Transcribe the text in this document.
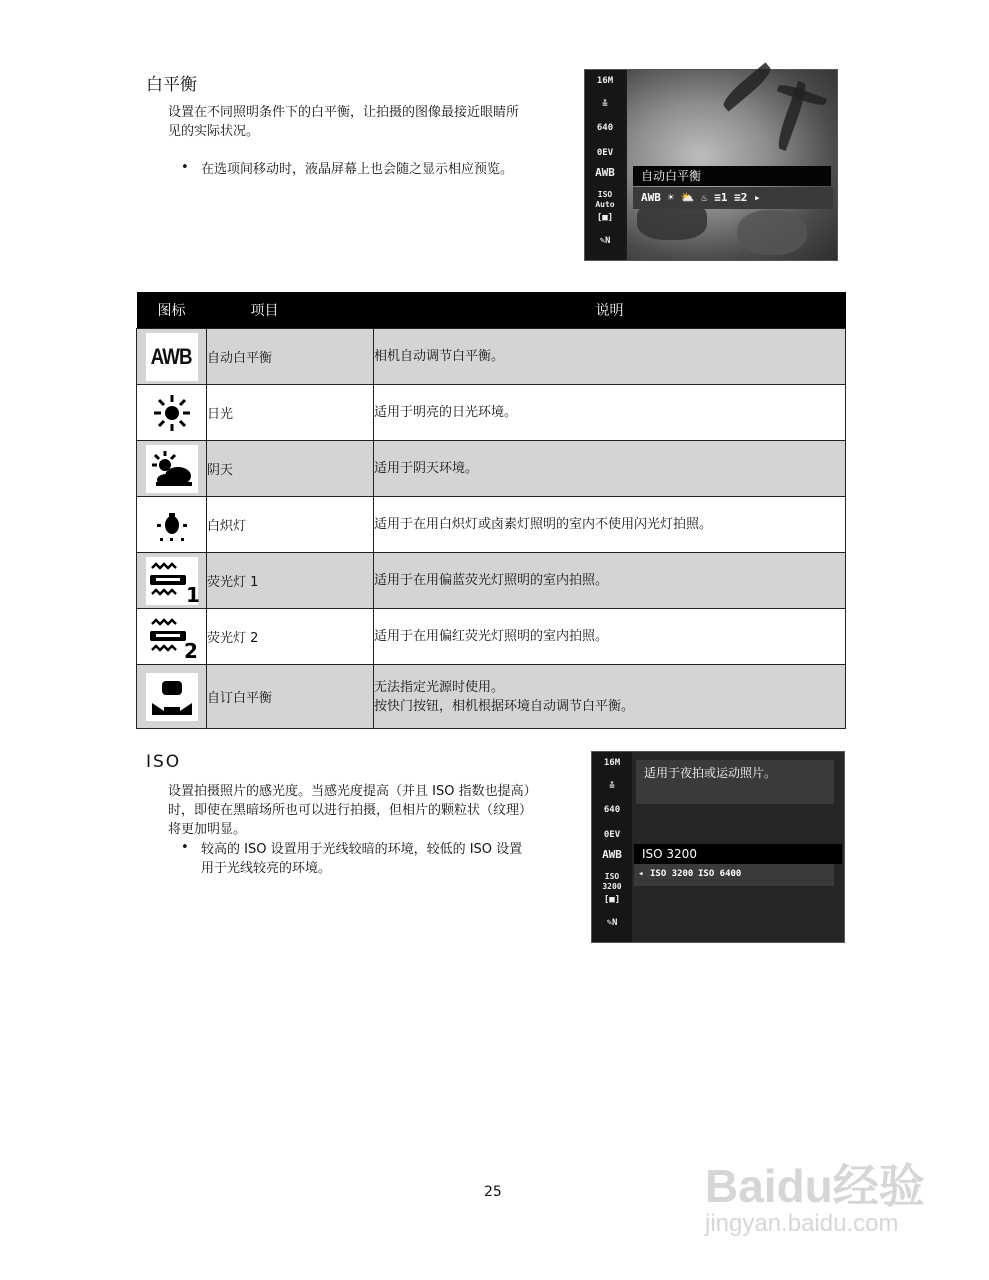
白平衡
设置在不同照明条件下的白平衡，让拍摄的图像最接近眼睛所
见的实际状况。
• 在选项间移动时，液晶屏幕上也会随之显示相应预览。
16M
≛
640
0EV
AWB
ISO Auto
[■]
✎N
自动白平衡
AWB ☀ ⛅ ♨ ≡1 ≡2 ▸
图标	项目	说明

AWB	自动白平衡	相机自动调节白平衡。

	日光	适用于明亮的日光环境。

	阴天	适用于阴天环境。

	白炽灯	适用于在用白炽灯或卤素灯照明的室内不使用闪光灯拍照。

1	荧光灯 1	适用于在用偏蓝荧光灯照明的室内拍照。

2	荧光灯 2	适用于在用偏红荧光灯照明的室内拍照。

	自订白平衡	无法指定光源时使用。
按快门按钮，相机根据环境自动调节白平衡。
ISO
设置拍摄照片的感光度。当感光度提高（并且 ISO 指数也提高）
时，即使在黑暗场所也可以进行拍摄，但相片的颗粒状（纹理）
将更加明显。
• 较高的 ISO 设置用于光线较暗的环境，较低的 ISO 设置
用于光线较亮的环境。
16M
≛
640
0EV
AWB
ISO 3200
[■]
✎N
适用于夜拍或运动照片。
ISO 3200
◂ ISO 3200 ISO 6400
25	Baidu经验
jingyan.baidu.com
